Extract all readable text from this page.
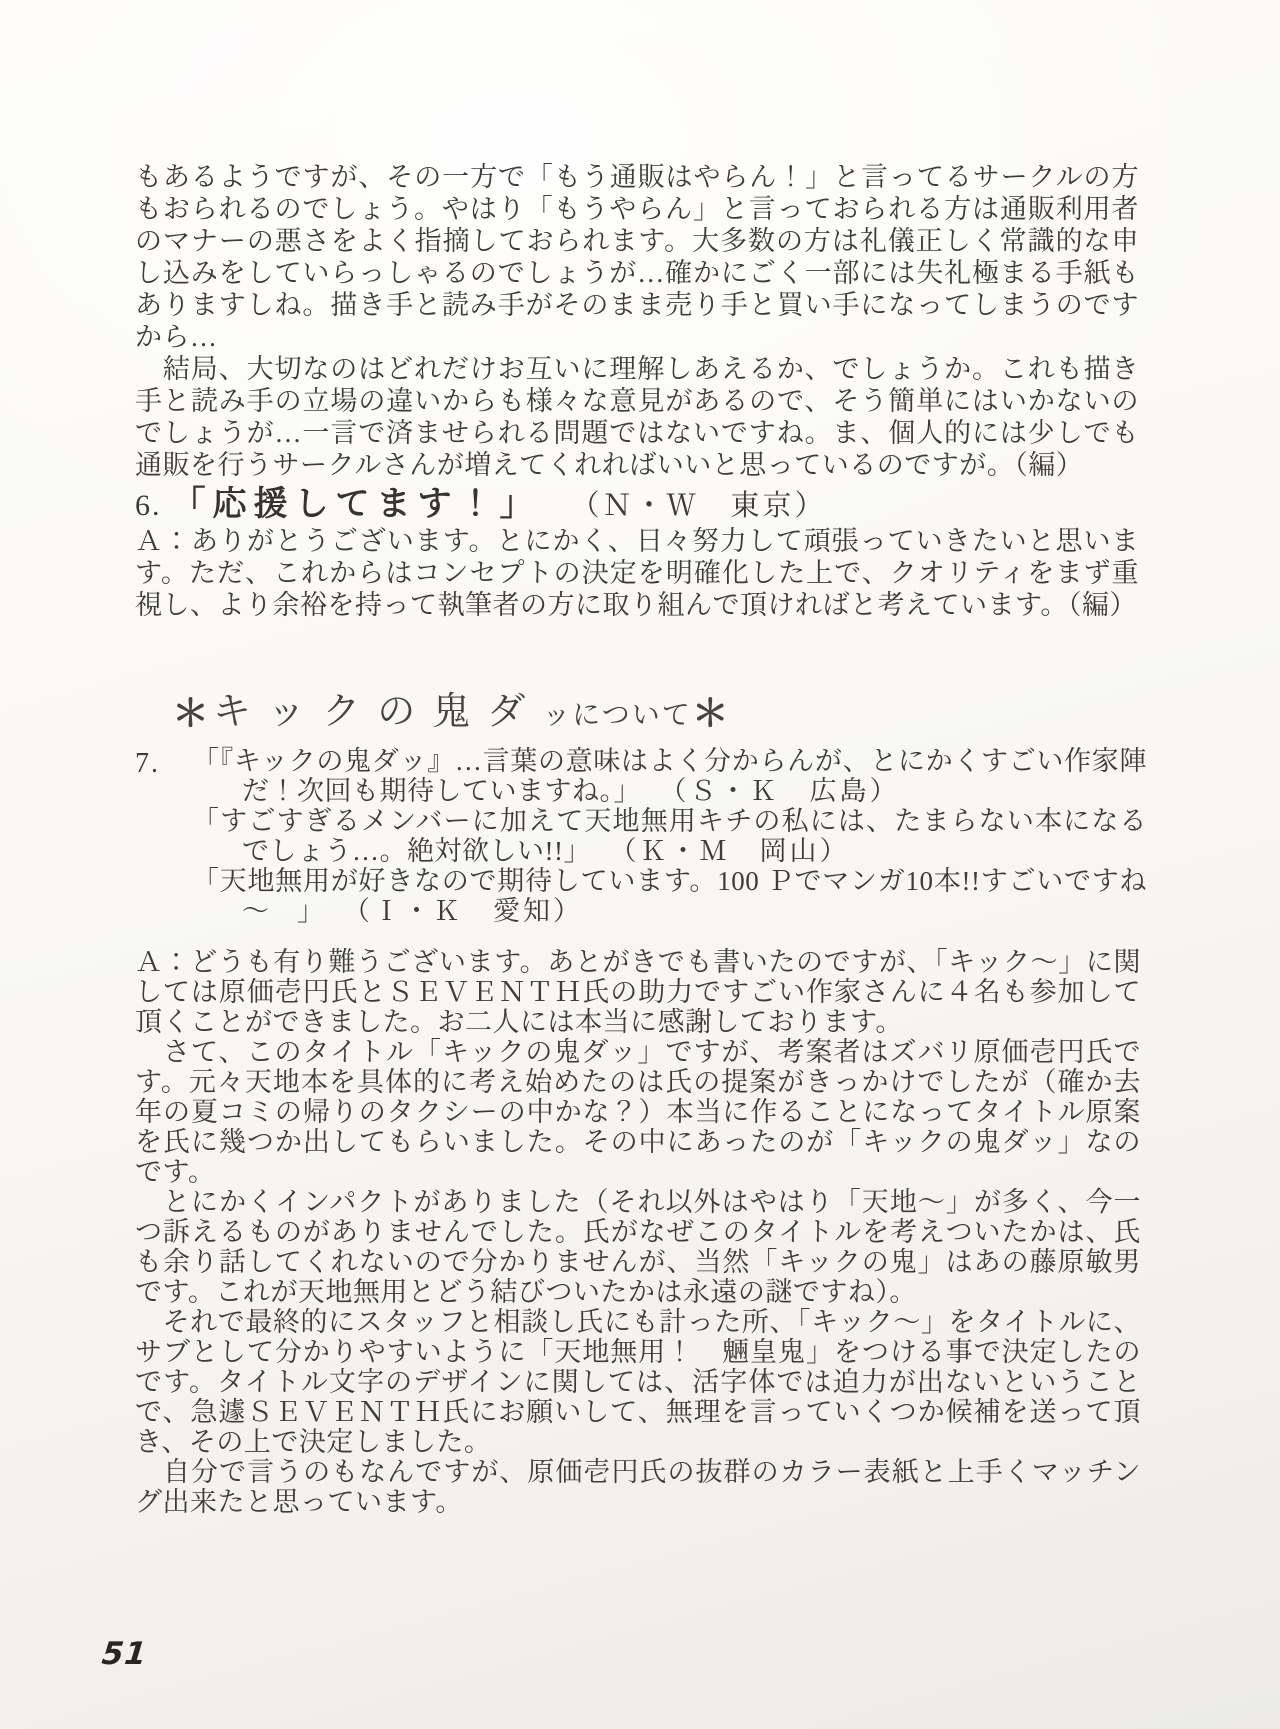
もあるようですが、その一方で「もう通販はやらん！」と言ってるサークルの方もおられるのでしょう。やはり「もうやらん」と言っておられる方は通販利用者のマナーの悪さをよく指摘しておられます。大多数の方は礼儀正しく常識的な申し込みをしていらっしゃるのでしょうが…確かにごく一部には失礼極まる手紙もありますしね。描き手と読み手がそのまま売り手と買い手になってしまうのですから…

　結局、大切なのはどれだけお互いに理解しあえるか、でしょうか。これも描き手と読み手の立場の違いからも様々な意見があるので、そう簡単にはいかないのでしょうが…一言で済ませられる問題ではないですね。ま、個人的には少しでも通販を行うサークルさんが増えてくれればいいと思っているのですが。（編）

6. 「応援してます！」 （Ｎ・Ｗ　東京）

Ａ：ありがとうございます。とにかく、日々努力して頑張っていきたいと思います。ただ、これからはコンセプトの決定を明確化した上で、クオリティをまず重視し、より余裕を持って執筆者の方に取り組んで頂ければと考えています。（編）

＊ キックの鬼ダッについて＊
7. 「『キックの鬼ダッ』…言葉の意味はよく分からんが、とにかくすごい作家陣だ！次回も期待していますね。」 （Ｓ・Ｋ　広島）

「すごすぎるメンバーに加えて天地無用キチの私には、たまらない本になるでしょう…。絶対欲しい!!」 （Ｋ・Ｍ　岡山）

「天地無用が好きなので期待しています。100 Ｐでマンガ10本!!すごいですね～　」 （Ｉ・Ｋ　愛知）

Ａ：どうも有り難うございます。あとがきでも書いたのですが、「キック～」に関しては原価壱円氏とＳＥＶＥＮＴＨ氏の助力ですごい作家さんに４名も参加して頂くことができました。お二人には本当に感謝しております。

　さて、このタイトル「キックの鬼ダッ」ですが、考案者はズバリ原価壱円氏です。元々天地本を具体的に考え始めたのは氏の提案がきっかけでしたが（確か去年の夏コミの帰りのタクシーの中かな？）本当に作ることになってタイトル原案を氏に幾つか出してもらいました。その中にあったのが「キックの鬼ダッ」なのです。

　とにかくインパクトがありました（それ以外はやはり「天地～」が多く、今一つ訴えるものがありませんでした。氏がなぜこのタイトルを考えついたかは、氏も余り話してくれないので分かりませんが、当然「キックの鬼」はあの藤原敏男です。これが天地無用とどう結びついたかは永遠の謎ですね）。

　それで最終的にスタッフと相談し氏にも計った所、「キック～」をタイトルに、サブとして分かりやすいように「天地無用！　魎皇鬼」をつける事で決定したのです。タイトル文字のデザインに関しては、活字体では迫力が出ないということで、急遽ＳＥＶＥＮＴＨ氏にお願いして、無理を言っていくつか候補を送って頂き、その上で決定しました。

　自分で言うのもなんですが、原価壱円氏の抜群のカラー表紙と上手くマッチング出来たと思っています。

51
